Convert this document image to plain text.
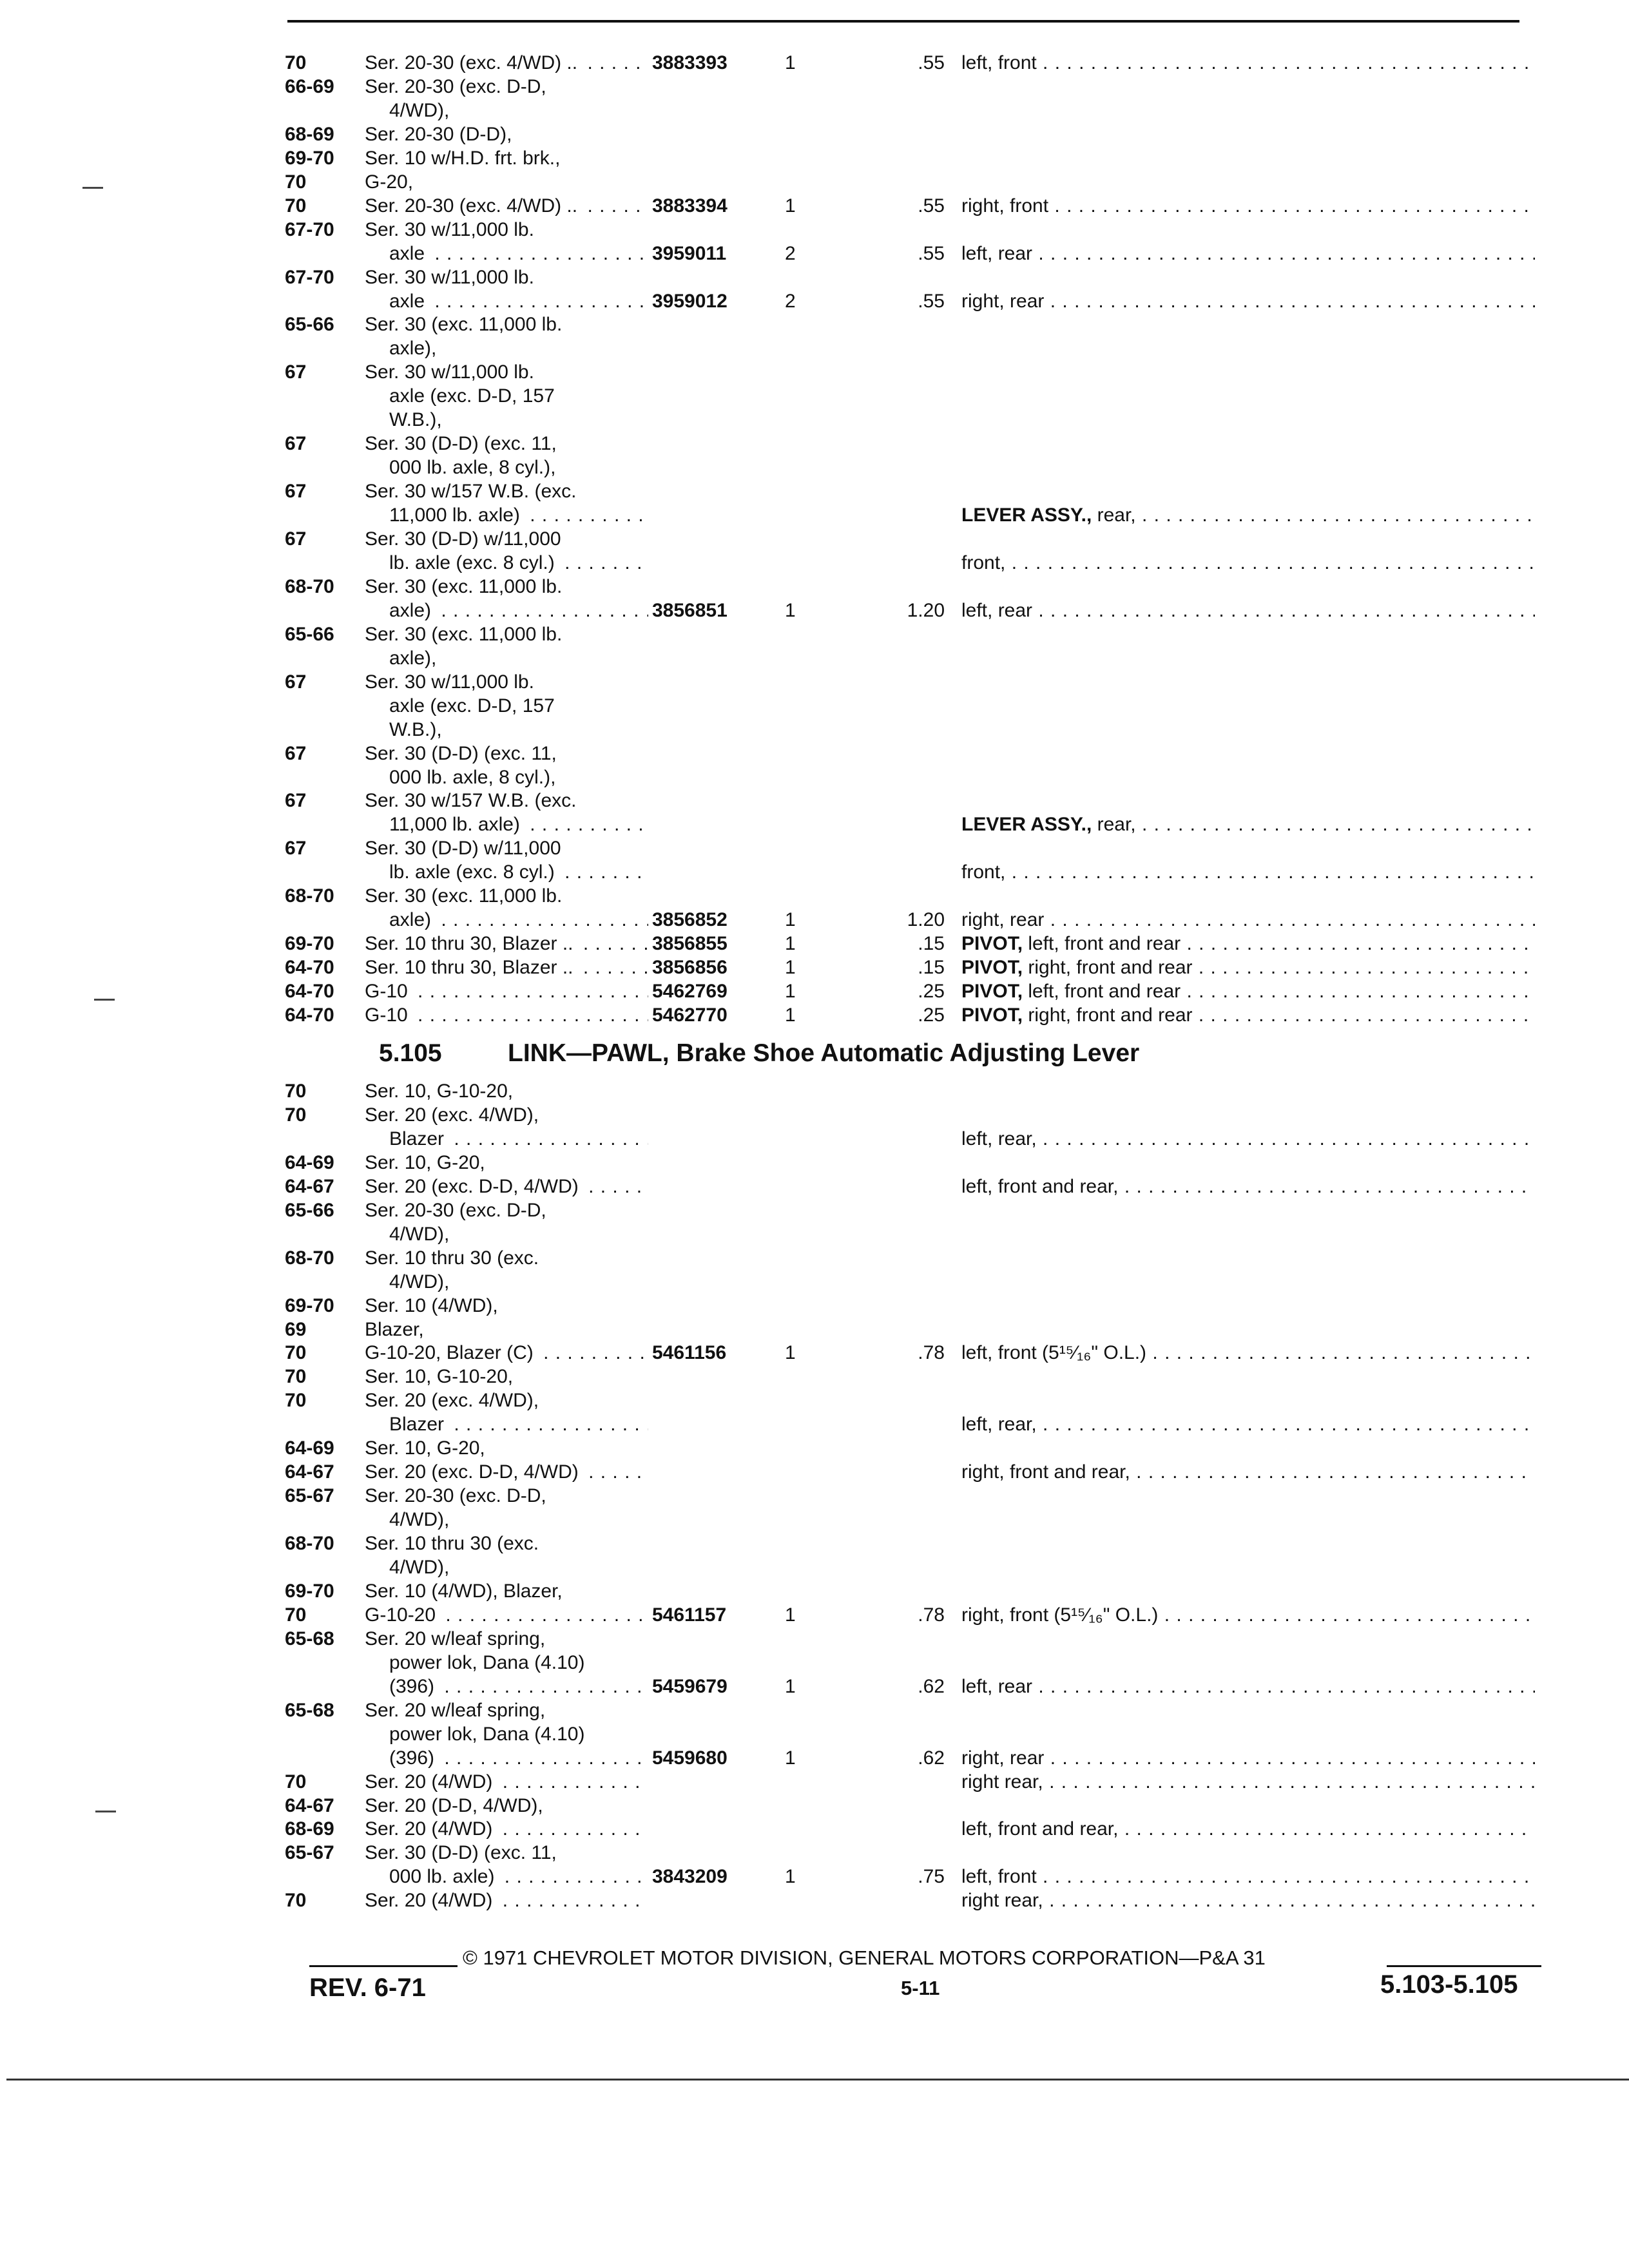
70	Ser. 20-30 (exc. 4/WD) .. . . .	3883393	1	.55 left, front . . .
66-69 Ser. 20-30 (exc. D-D,
4/WD),
68-69 Ser. 20-30 (D-D),
69-70 Ser. 10 w/H.D. frt. brk.,
70	G-20,
70	Ser. 20-30 (exc. 4/WD) .. . . .	3883394	1	.55 right, front . . .
67-70 Ser. 30 w/11,000 lb.
axle . . .	3959011	2	.55 left, rear . . .
67-70 Ser. 30 w/11,000 lb.
axle . . .	3959012	2	.55 right, rear . . .
65-66 Ser. 30 (exc. 11,000 lb.
axle),
67	Ser. 30 w/11,000 lb.
axle (exc. D-D, 157
W.B.),
67	Ser. 30 (D-D) (exc. 11,
000 lb. axle, 8 cyl.),
67	Ser. 30 w/157 W.B. (exc.
11,000 lb. axle) . . .	LEVER ASSY., rear, . . .
67	Ser. 30 (D-D) w/11,000
lb. axle (exc. 8 cyl.) . . .	front, . . .
68-70 Ser. 30 (exc. 11,000 lb.
axle) . . .	3856851	1	1.20 left, rear . . .
65-66 Ser. 30 (exc. 11,000 lb.
axle),
67	Ser. 30 w/11,000 lb.
axle (exc. D-D, 157
W.B.),
67	Ser. 30 (D-D) (exc. 11,
000 lb. axle, 8 cyl.),
67	Ser. 30 w/157 W.B. (exc.
11,000 lb. axle) . . .	LEVER ASSY., rear, . . .
67	Ser. 30 (D-D) w/11,000
lb. axle (exc. 8 cyl.) . . .	front, . . .
68-70 Ser. 30 (exc. 11,000 lb.
axle) . . .	3856852	1	1.20 right, rear . . .
69-70 Ser. 10 thru 30, Blazer .. . . .	3856855	1	.15 PIVOT, left, front and rear . . .
64-70 Ser. 10 thru 30, Blazer .. . . .	3856856	1	.15 PIVOT, right, front and rear . . .
64-70 G-10 . . .	5462769	1	.25 PIVOT, left, front and rear . . .
64-70 G-10 . . .	5462770	1	.25 PIVOT, right, front and rear . . .
5.105	LINK—PAWL, Brake Shoe Automatic Adjusting Lever
70	Ser. 10, G-10-20,
70	Ser. 20 (exc. 4/WD),
Blazer . . .	left, rear, . . .
64-69 Ser. 10, G-20,
64-67 Ser. 20 (exc. D-D, 4/WD) . . .	left, front and rear, . . .
65-66 Ser. 20-30 (exc. D-D,
4/WD),
68-70 Ser. 10 thru 30 (exc.
4/WD),
69-70 Ser. 10 (4/WD),
69	Blazer,
70	G-10-20, Blazer (C) . . .	5461156	1	.78 left, front (5¹⁵⁄₁₆" O.L.) . . .
70	Ser. 10, G-10-20,
70	Ser. 20 (exc. 4/WD),
Blazer . . .	left, rear, . . .
64-69 Ser. 10, G-20,
64-67 Ser. 20 (exc. D-D, 4/WD) . . .	right, front and rear, . . .
65-67 Ser. 20-30 (exc. D-D,
4/WD),
68-70 Ser. 10 thru 30 (exc.
4/WD),
69-70 Ser. 10 (4/WD), Blazer,
70	G-10-20 . . .	5461157	1	.78 right, front (5¹⁵⁄₁₆" O.L.) . . .
65-68 Ser. 20 w/leaf spring,
power lok, Dana (4.10)
(396) . . .	5459679	1	.62 left, rear . . .
65-68 Ser. 20 w/leaf spring,
power lok, Dana (4.10)
(396) . . .	5459680	1	.62 right, rear . . .
70	Ser. 20 (4/WD) . . .	right rear, . . .
64-67 Ser. 20 (D-D, 4/WD),
68-69 Ser. 20 (4/WD) . . .	left, front and rear, . . .
65-67 Ser. 30 (D-D) (exc. 11,
000 lb. axle) . . .	3843209	1	.75 left, front . . .
70	Ser. 20 (4/WD) . . .	right rear, . . .
© 1971 CHEVROLET MOTOR DIVISION, GENERAL MOTORS CORPORATION—P&A 31
REV. 6-71	5-11	5.103-5.105
